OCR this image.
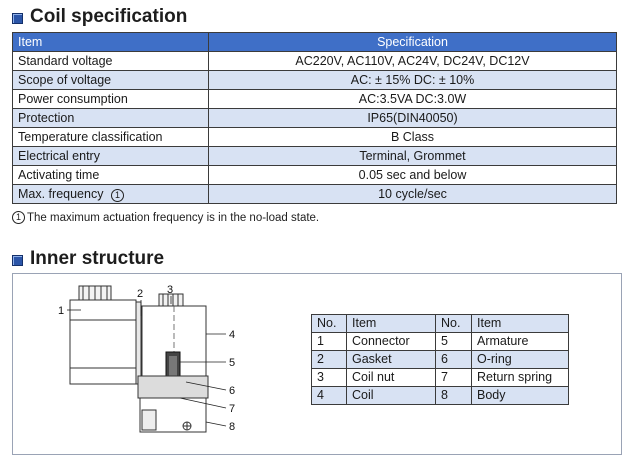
Coil specification
Item	Specification
Standard voltage	AC220V, AC110V, AC24V, DC24V, DC12V
Scope of voltage	AC: ± 15% DC: ± 10%
Power consumption	AC:3.5VA DC:3.0W
Protection	IP65(DIN40050)
Temperature classification	B Class
Electrical entry	Terminal, Grommet
Activating time	0.05 sec and below
Max. frequency 1	10 cycle/sec
1 The maximum actuation frequency is in the no-load state.
Inner structure
1
2 3
4
5
6
7
8
No.	Item	No.	Item
1	Connector	5	Armature
2	Gasket	6	O-ring
3	Coil nut	7	Return spring
4	Coil	8	Body
